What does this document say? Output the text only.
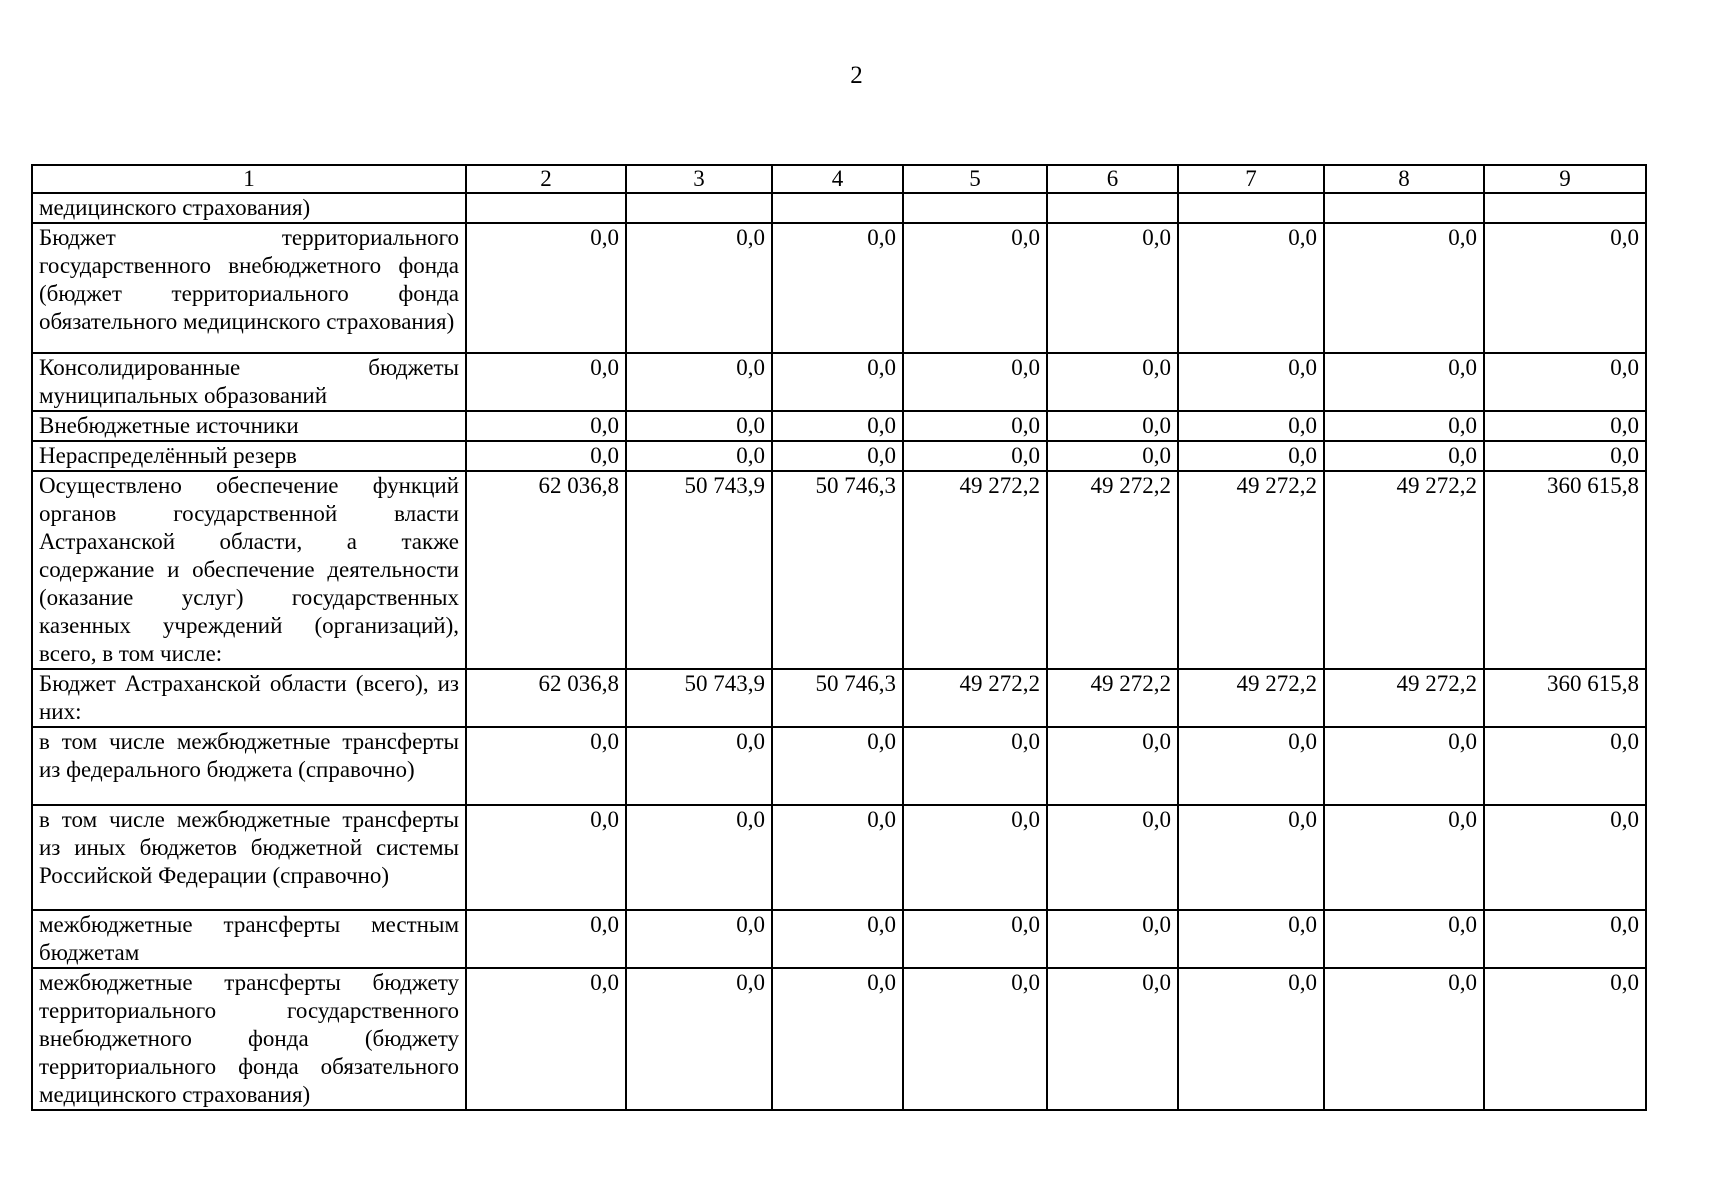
2
1	2	3	4	5	6	7	8	9
медицинского страхования)								
Бюджет территориального государственного внебюджетного фонда (бюджет территориального фонда обязательного медицинского страхования)	0,0	0,0	0,0	0,0	0,0	0,0	0,0	0,0
Консолидированные бюджеты муниципальных образований	0,0	0,0	0,0	0,0	0,0	0,0	0,0	0,0
Внебюджетные источники	0,0	0,0	0,0	0,0	0,0	0,0	0,0	0,0
Нераспределённый резерв	0,0	0,0	0,0	0,0	0,0	0,0	0,0	0,0
Осуществлено обеспечение функций органов государственной власти Астраханской области, а также содержание и обеспечение деятельности (оказание услуг) государственных казенных учреждений (организаций), всего, в том числе:	62 036,8	50 743,9	50 746,3	49 272,2	49 272,2	49 272,2	49 272,2	360 615,8
Бюджет Астраханской области (всего), из них:	62 036,8	50 743,9	50 746,3	49 272,2	49 272,2	49 272,2	49 272,2	360 615,8
в том числе межбюджетные трансферты из федерального бюджета (справочно)	0,0	0,0	0,0	0,0	0,0	0,0	0,0	0,0
в том числе межбюджетные трансферты из иных бюджетов бюджетной системы Российской Федерации (справочно)	0,0	0,0	0,0	0,0	0,0	0,0	0,0	0,0
межбюджетные трансферты местным бюджетам	0,0	0,0	0,0	0,0	0,0	0,0	0,0	0,0
межбюджетные трансферты бюджету территориального государственного внебюджетного фонда (бюджету территориального фонда обязательного медицинского страхования)	0,0	0,0	0,0	0,0	0,0	0,0	0,0	0,0
